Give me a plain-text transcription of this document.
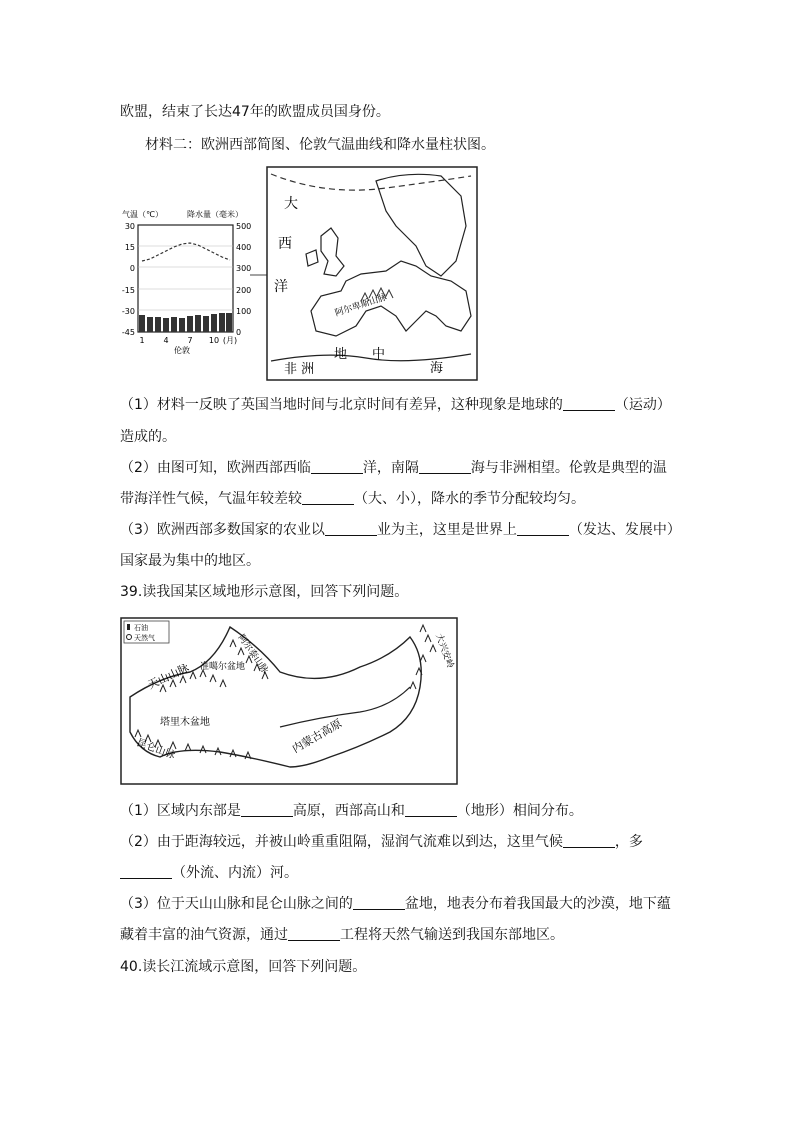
欧盟，结束了长达47年的欧盟成员国身份。
材料二：欧洲西部简图、伦敦气温曲线和降水量柱状图。
气温（℃）	降水量（毫米）
30
15
0
-15
-30
-45
500
400
300
200
100
0
1 4 7 10 (月)
伦敦
大
西
洋
阿尔卑斯山脉
地 中
海
非 洲
（1）材料一反映了英国当地时间与北京时间有差异，这种现象是地球的	（运动）
造成的。
（2）由图可知，欧洲西部西临	洋，南隔	海与非洲相望。伦敦是典型的温
带海洋性气候，气温年较差较	（大、小），降水的季节分配较均匀。
（3）欧洲西部多数国家的农业以	业为主，这里是世界上	（发达、发展中）
国家最为集中的地区。
39.读我国某区域地形示意图，回答下列问题。
石油
天然气	阿尔泰山脉
准噶尔盆地
天山山脉
塔里木盆地
昆仑山脉	内蒙古高原
大兴安岭
（1）区域内东部是	高原，西部高山和	（地形）相间分布。
（2）由于距海较远，并被山岭重重阻隔，湿润气流难以到达，这里气候	，多
（外流、内流）河。
（3）位于天山山脉和昆仑山脉之间的	盆地，地表分布着我国最大的沙漠，地下蕴
藏着丰富的油气资源，通过	工程将天然气输送到我国东部地区。
40.读长江流域示意图，回答下列问题。
